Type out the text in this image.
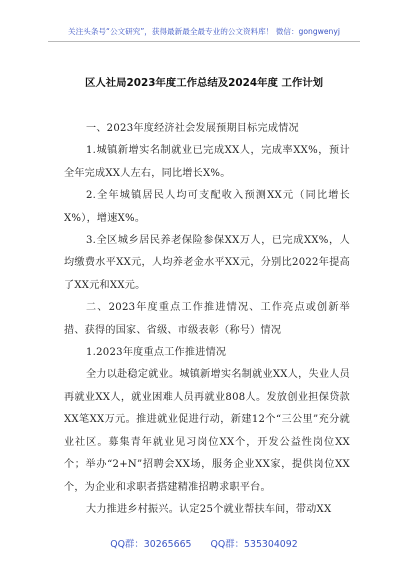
关注头条号“公文研究”，获得最新最全最专业的公文资料库！ 微信：gongwenyj
区人社局2023年度工作总结及2024年度 工作计划

一、2023年度经济社会发展预期目标完成情况

1.城镇新增实名制就业已完成XX人，完成率XX%，预计全年完成XX人左右，同比增长X%。

2.全年城镇居民人均可支配收入预测XX元（同比增长X%），增速X%。

3.全区城乡居民养老保险参保XX万人，已完成XX%，人均缴费水平XX元，人均养老金水平XX元，分别比2022年提高了XX元和XX元。

二、2023年度重点工作推进情况、工作亮点或创新举措、获得的国家、省级、市级表彰（称号）情况

1.2023年度重点工作推进情况

全力以赴稳定就业。城镇新增实名制就业XX人，失业人员再就业XX人，就业困难人员再就业808人。发放创业担保贷款XX笔XX万元。推进就业促进行动，新建12个“三公里”充分就业社区。募集青年就业见习岗位XX个，开发公益性岗位XX个；举办“2+N”招聘会XX场，服务企业XX家，提供岗位XX个，为企业和求职者搭建精准招聘求职平台。

大力推进乡村振兴。认定25个就业帮扶车间，带动XX

QQ群：30265665 QQ群：535304092
